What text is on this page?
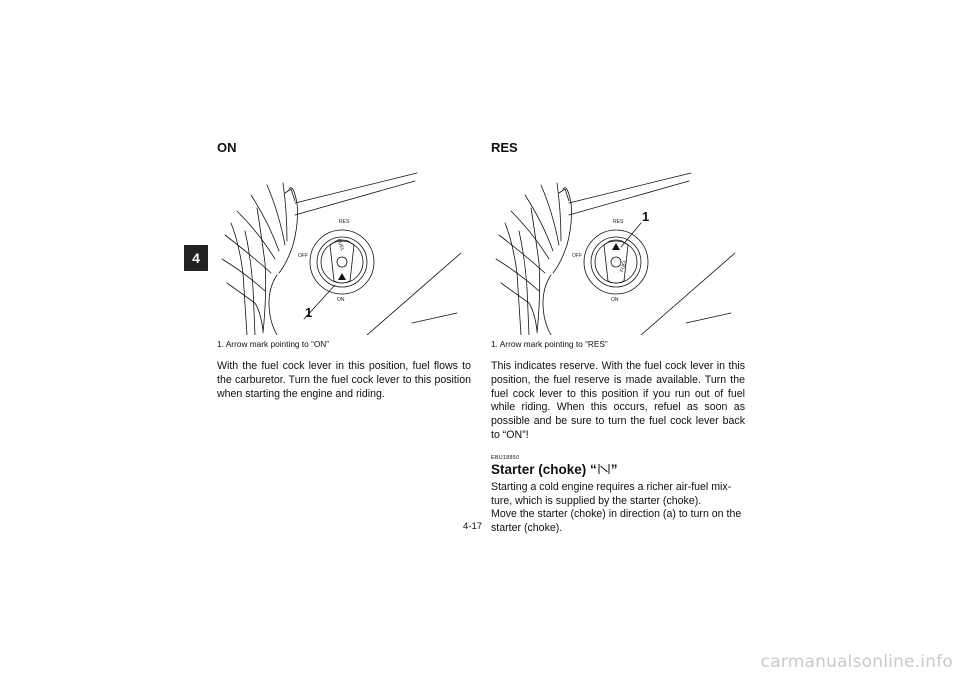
4
ON
RES
OFF
ON
FUEL
1
1. Arrow mark pointing to “ON”
With the fuel cock lever in this position, fuel flows to the carburetor. Turn the fuel cock lever to this position when starting the engine and riding.
RES
RES
OFF
ON
FUEL
1
1. Arrow mark pointing to “RES”
This indicates reserve. With the fuel cock lever in this position, the fuel reserve is made available. Turn the fuel cock lever to this position if you run out of fuel while riding. When this occurs, refuel as soon as possible and be sure to turn the fuel cock lever back to “ON”!
EBU18850
Starter (choke) “ ”
Starting a cold engine requires a richer air-fuel mix- ture, which is supplied by the starter (choke).
Move the starter (choke) in direction (a) to turn on the starter (choke).
4-17
carmanualsonline.info
